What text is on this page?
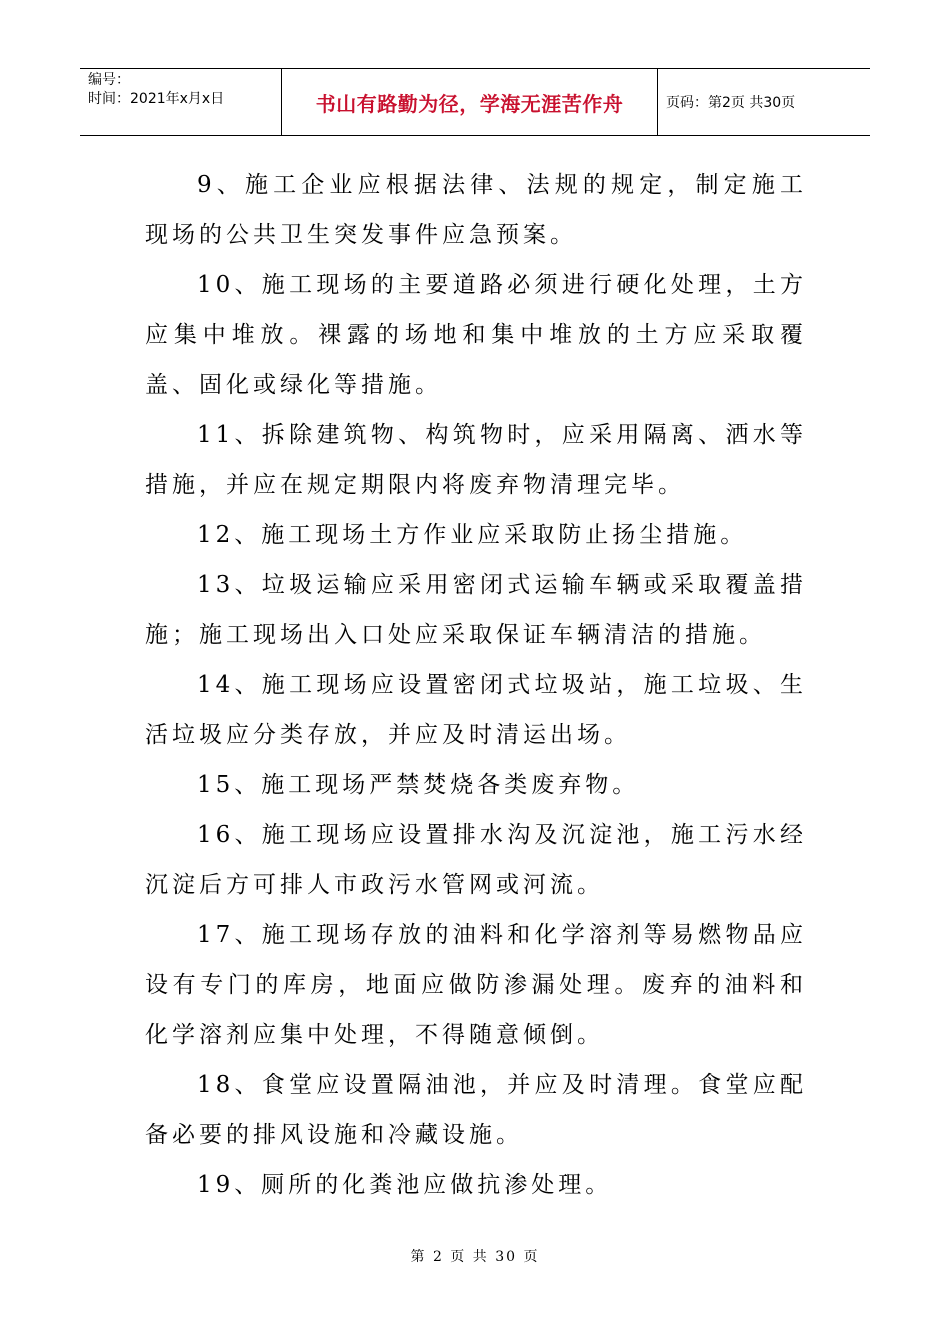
编号：
时间：2021年x月x日	书山有路勤为径，学海无涯苦作舟	页码：第2页 共30页

9、施工企业应根据法律、法规的规定，制定施工现场的公共卫生突发事件应急预案。

10、施工现场的主要道路必须进行硬化处理，土方应集中堆放。裸露的场地和集中堆放的土方应采取覆盖、固化或绿化等措施。

11、拆除建筑物、构筑物时，应采用隔离、洒水等措施，并应在规定期限内将废弃物清理完毕。

12、施工现场土方作业应采取防止扬尘措施。

13、垃圾运输应采用密闭式运输车辆或采取覆盖措施；施工现场出入口处应采取保证车辆清洁的措施。

14、施工现场应设置密闭式垃圾站，施工垃圾、生活垃圾应分类存放，并应及时清运出场。

15、施工现场严禁焚烧各类废弃物。

16、施工现场应设置排水沟及沉淀池，施工污水经沉淀后方可排人市政污水管网或河流。

17、施工现场存放的油料和化学溶剂等易燃物品应设有专门的库房，地面应做防渗漏处理。废弃的油料和化学溶剂应集中处理，不得随意倾倒。

18、食堂应设置隔油池，并应及时清理。食堂应配备必要的排风设施和冷藏设施。

19、厕所的化粪池应做抗渗处理。

第 2 页 共 30 页
